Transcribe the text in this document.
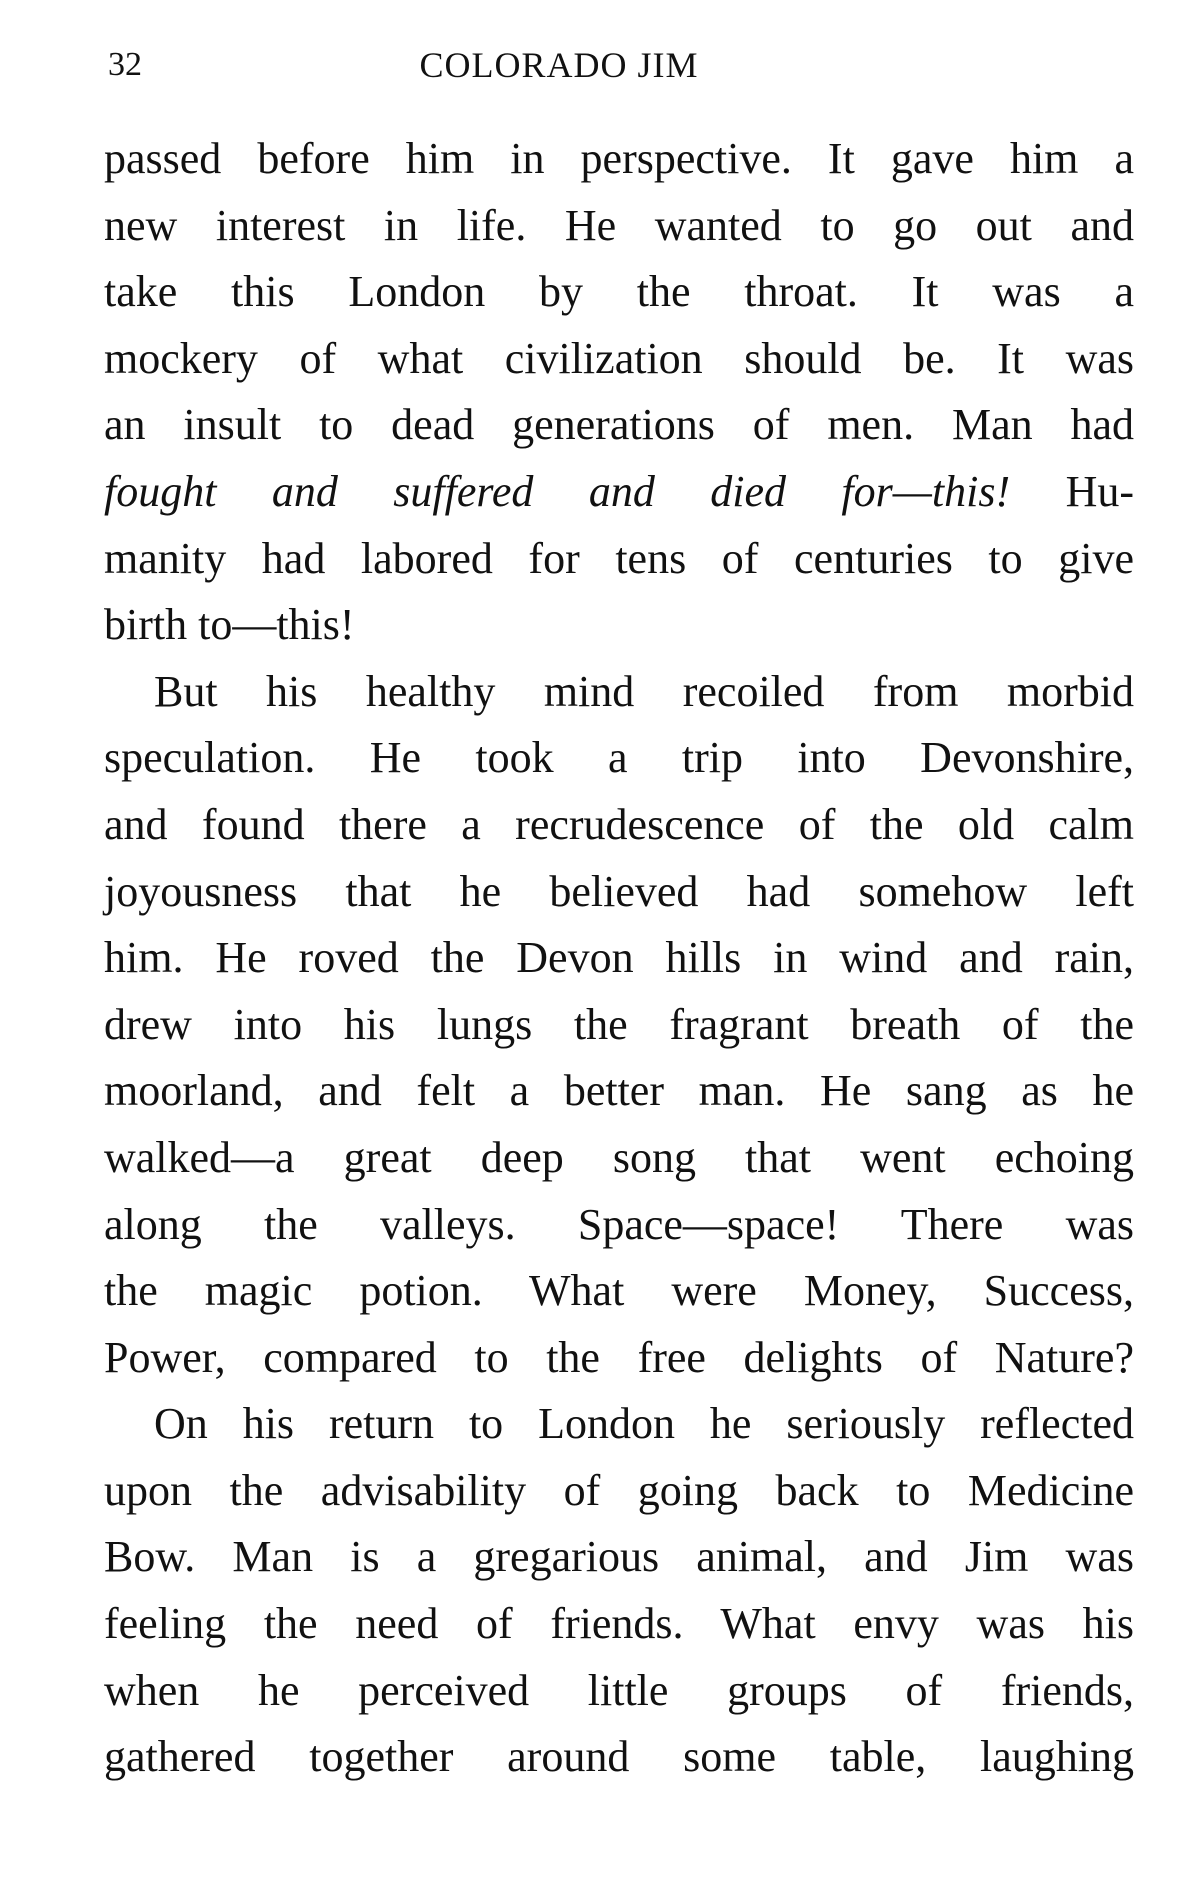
32	COLORADO JIM
passed before him in perspective. It gave him a
new interest in life. He wanted to go out and
take this London by the throat. It was a
mockery of what civilization should be. It was
an insult to dead generations of men. Man had
fought and suffered and died for—this! Hu-
manity had labored for tens of centuries to give
birth to—this!
But his healthy mind recoiled from morbid
speculation. He took a trip into Devonshire,
and found there a recrudescence of the old calm
joyousness that he believed had somehow left
him. He roved the Devon hills in wind and rain,
drew into his lungs the fragrant breath of the
moorland, and felt a better man. He sang as he
walked—a great deep song that went echoing
along the valleys. Space—space! There was
the magic potion. What were Money, Success,
Power, compared to the free delights of Nature?
On his return to London he seriously reflected
upon the advisability of going back to Medicine
Bow. Man is a gregarious animal, and Jim was
feeling the need of friends. What envy was his
when he perceived little groups of friends,
gathered together around some table, laughing
